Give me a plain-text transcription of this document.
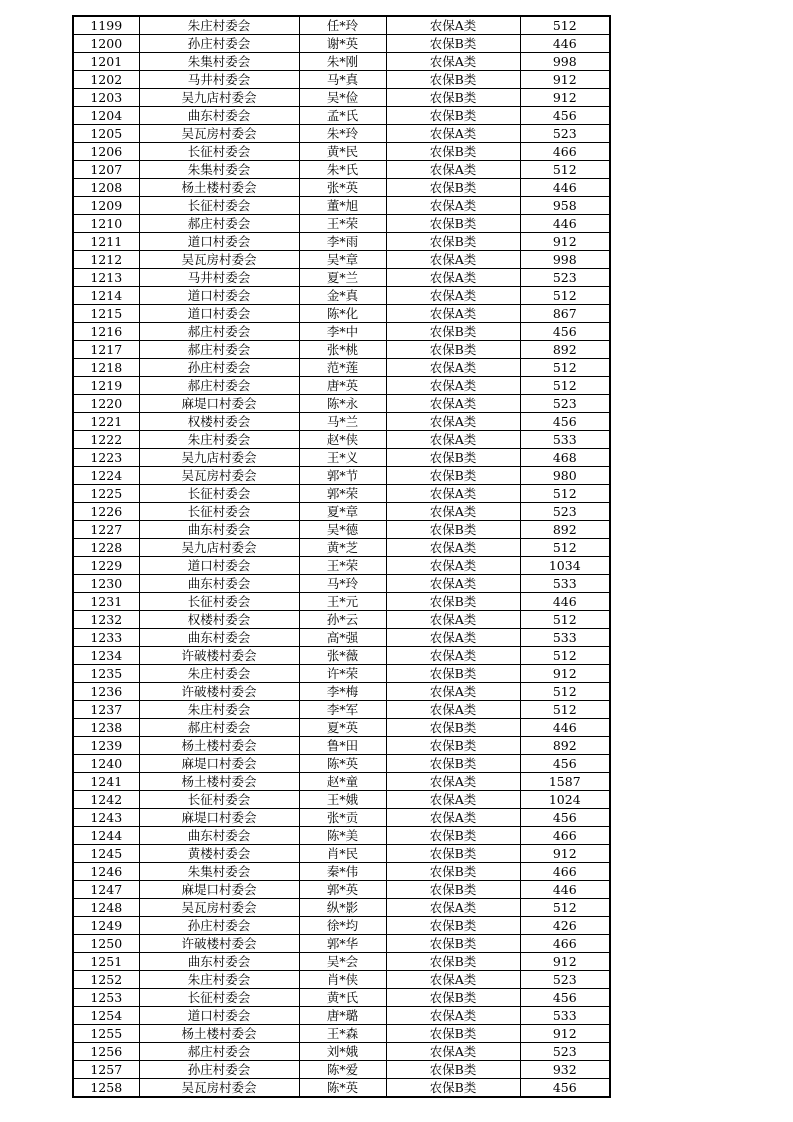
1199	朱庄村委会	任*玲	农保A类	512
1200	孙庄村委会	谢*英	农保B类	446
1201	朱集村委会	朱*刚	农保A类	998
1202	马井村委会	马*真	农保B类	912
1203	吴九店村委会	吴*俭	农保B类	912
1204	曲东村委会	孟*氏	农保B类	456
1205	吴瓦房村委会	朱*玲	农保A类	523
1206	长征村委会	黄*民	农保B类	466
1207	朱集村委会	朱*氏	农保A类	512
1208	杨土楼村委会	张*英	农保B类	446
1209	长征村委会	董*旭	农保A类	958
1210	郝庄村委会	王*荣	农保B类	446
1211	道口村委会	李*雨	农保B类	912
1212	吴瓦房村委会	吴*章	农保A类	998
1213	马井村委会	夏*兰	农保A类	523
1214	道口村委会	金*真	农保A类	512
1215	道口村委会	陈*化	农保A类	867
1216	郝庄村委会	李*中	农保B类	456
1217	郝庄村委会	张*桃	农保B类	892
1218	孙庄村委会	范*莲	农保A类	512
1219	郝庄村委会	唐*英	农保A类	512
1220	麻堤口村委会	陈*永	农保A类	523
1221	权楼村委会	马*兰	农保A类	456
1222	朱庄村委会	赵*侠	农保A类	533
1223	吴九店村委会	王*义	农保B类	468
1224	吴瓦房村委会	郭*节	农保B类	980
1225	长征村委会	郭*荣	农保A类	512
1226	长征村委会	夏*章	农保A类	523
1227	曲东村委会	吴*德	农保B类	892
1228	吴九店村委会	黄*芝	农保A类	512
1229	道口村委会	王*荣	农保A类	1034
1230	曲东村委会	马*玲	农保A类	533
1231	长征村委会	王*元	农保B类	446
1232	权楼村委会	孙*云	农保A类	512
1233	曲东村委会	高*强	农保A类	533
1234	许破楼村委会	张*薇	农保A类	512
1235	朱庄村委会	许*荣	农保B类	912
1236	许破楼村委会	李*梅	农保A类	512
1237	朱庄村委会	李*军	农保A类	512
1238	郝庄村委会	夏*英	农保B类	446
1239	杨土楼村委会	鲁*田	农保B类	892
1240	麻堤口村委会	陈*英	农保B类	456
1241	杨土楼村委会	赵*童	农保A类	1587
1242	长征村委会	王*娥	农保A类	1024
1243	麻堤口村委会	张*贡	农保A类	456
1244	曲东村委会	陈*美	农保B类	466
1245	黄楼村委会	肖*民	农保B类	912
1246	朱集村委会	秦*伟	农保B类	466
1247	麻堤口村委会	郭*英	农保B类	446
1248	吴瓦房村委会	纵*影	农保A类	512
1249	孙庄村委会	徐*均	农保B类	426
1250	许破楼村委会	郭*华	农保B类	466
1251	曲东村委会	吴*会	农保B类	912
1252	朱庄村委会	肖*侠	农保A类	523
1253	长征村委会	黄*氏	农保B类	456
1254	道口村委会	唐*璐	农保A类	533
1255	杨土楼村委会	王*森	农保B类	912
1256	郝庄村委会	刘*娥	农保A类	523
1257	孙庄村委会	陈*爱	农保B类	932
1258	吴瓦房村委会	陈*英	农保B类	456
